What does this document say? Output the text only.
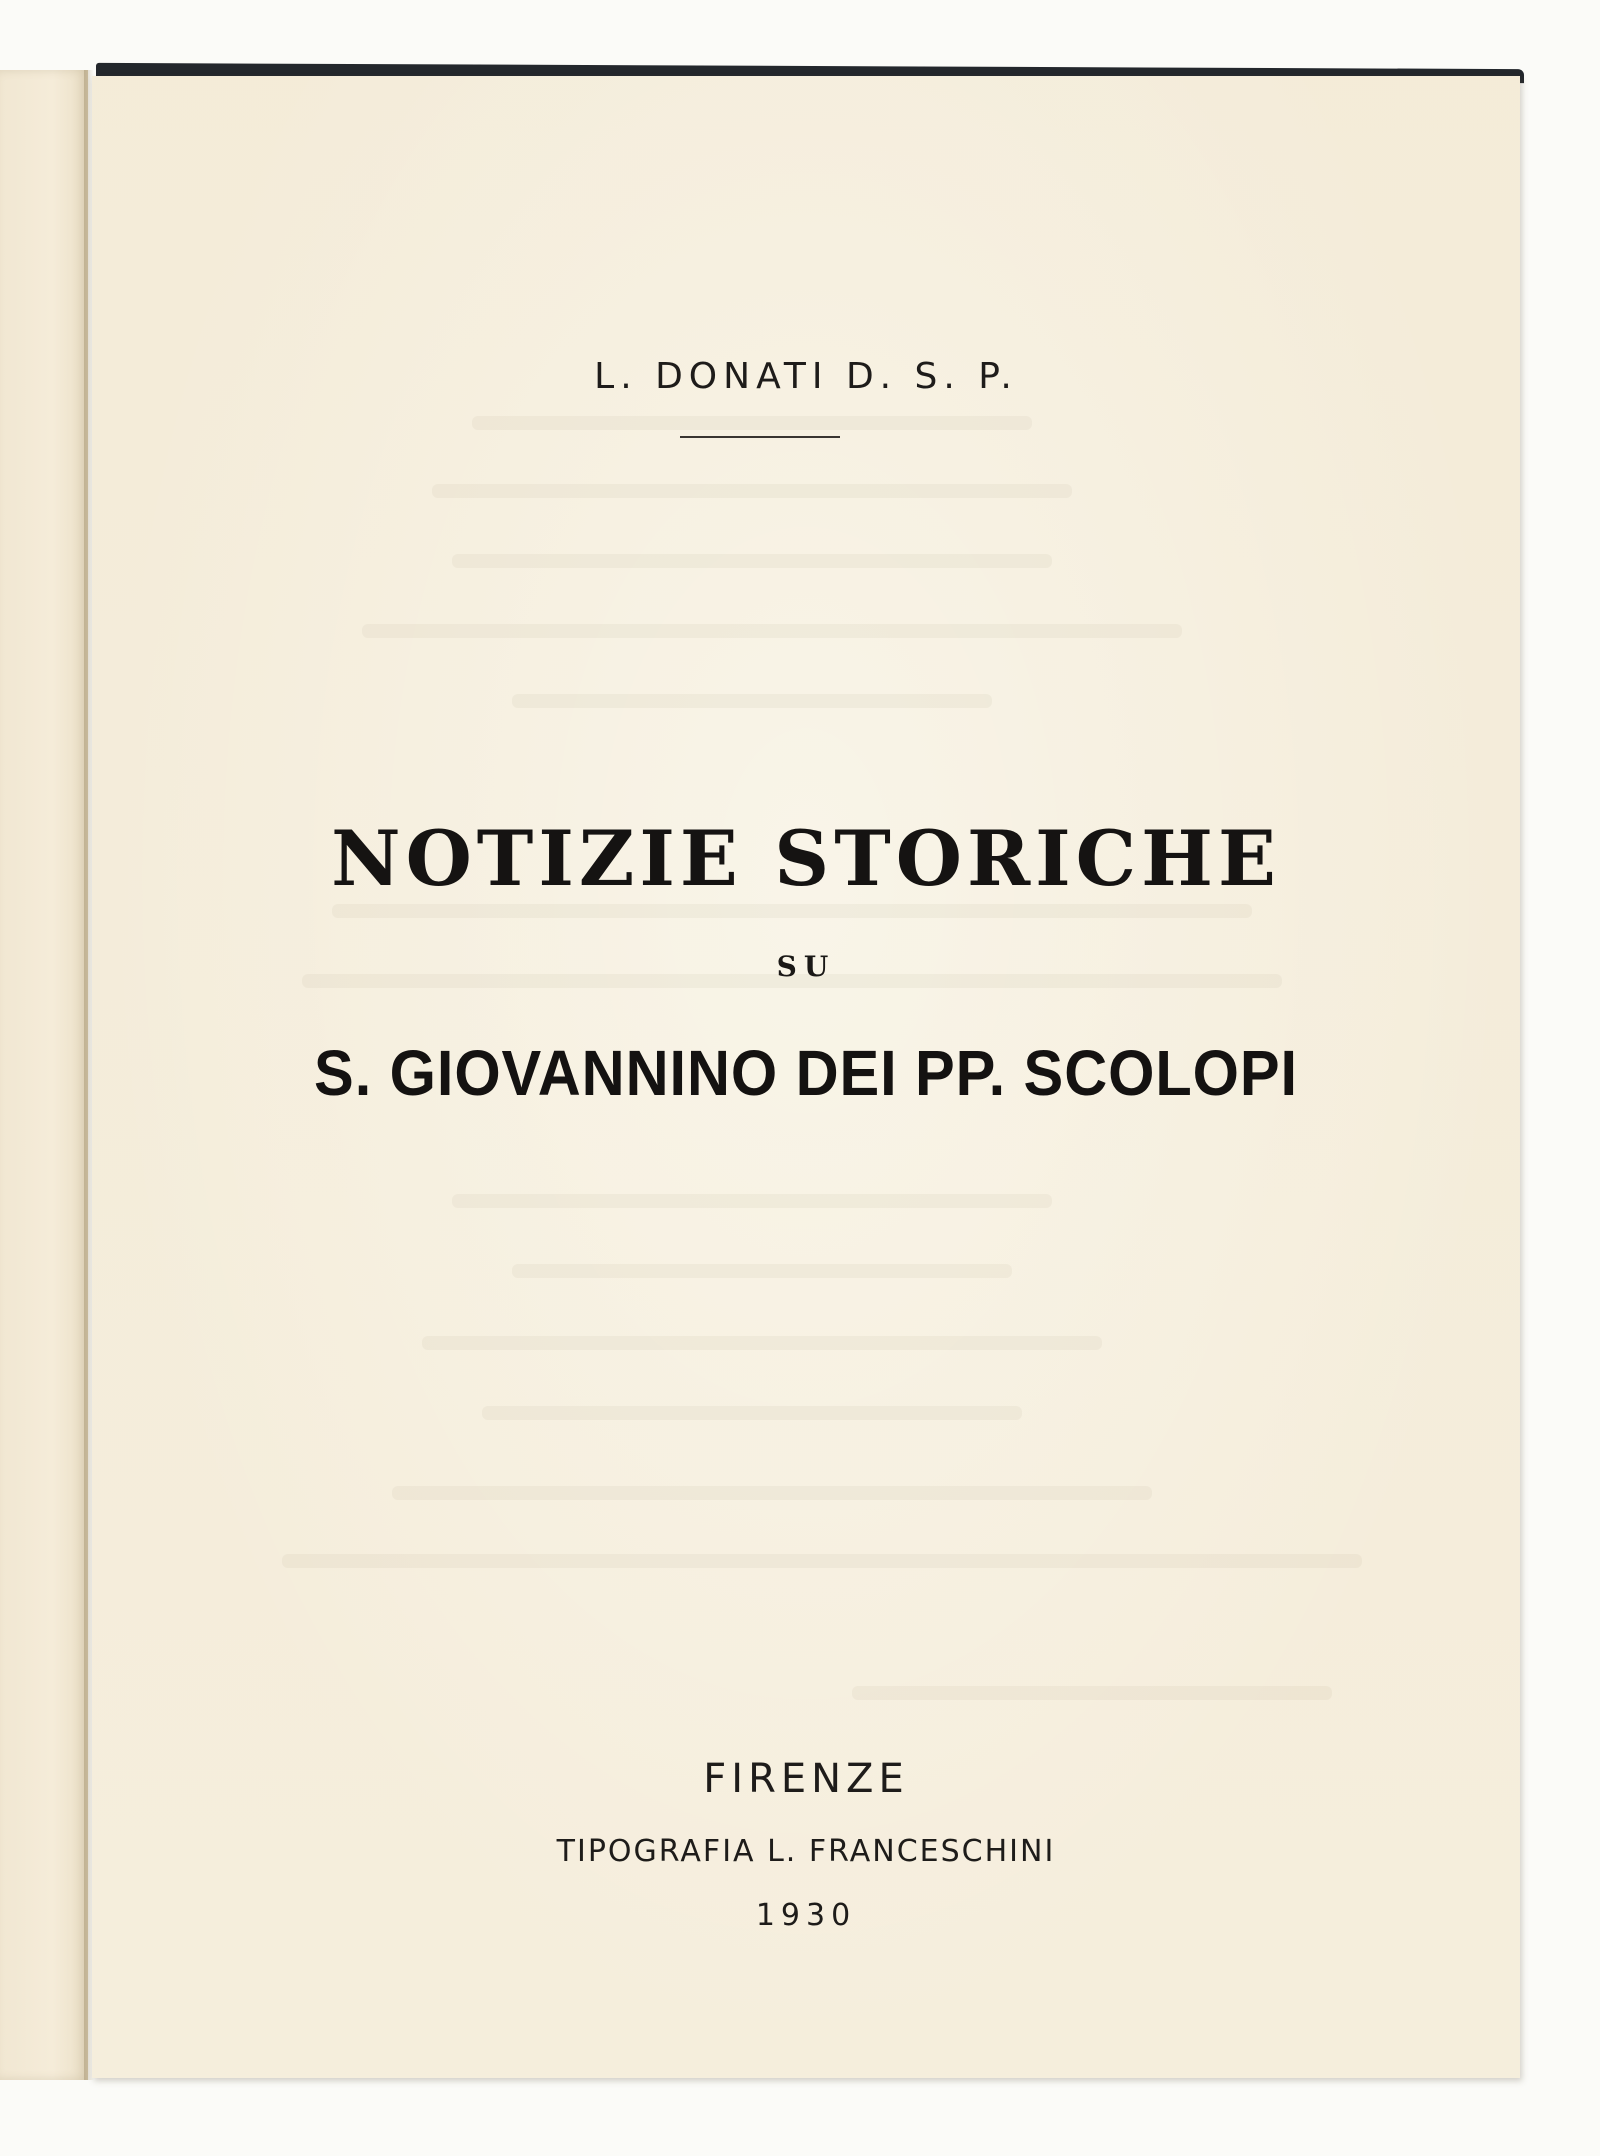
L. DONATI D. S. P.
NOTIZIE STORICHE
SU
S. GIOVANNINO DEI PP. SCOLOPI
FIRENZE
TIPOGRAFIA L. FRANCESCHINI
1930
